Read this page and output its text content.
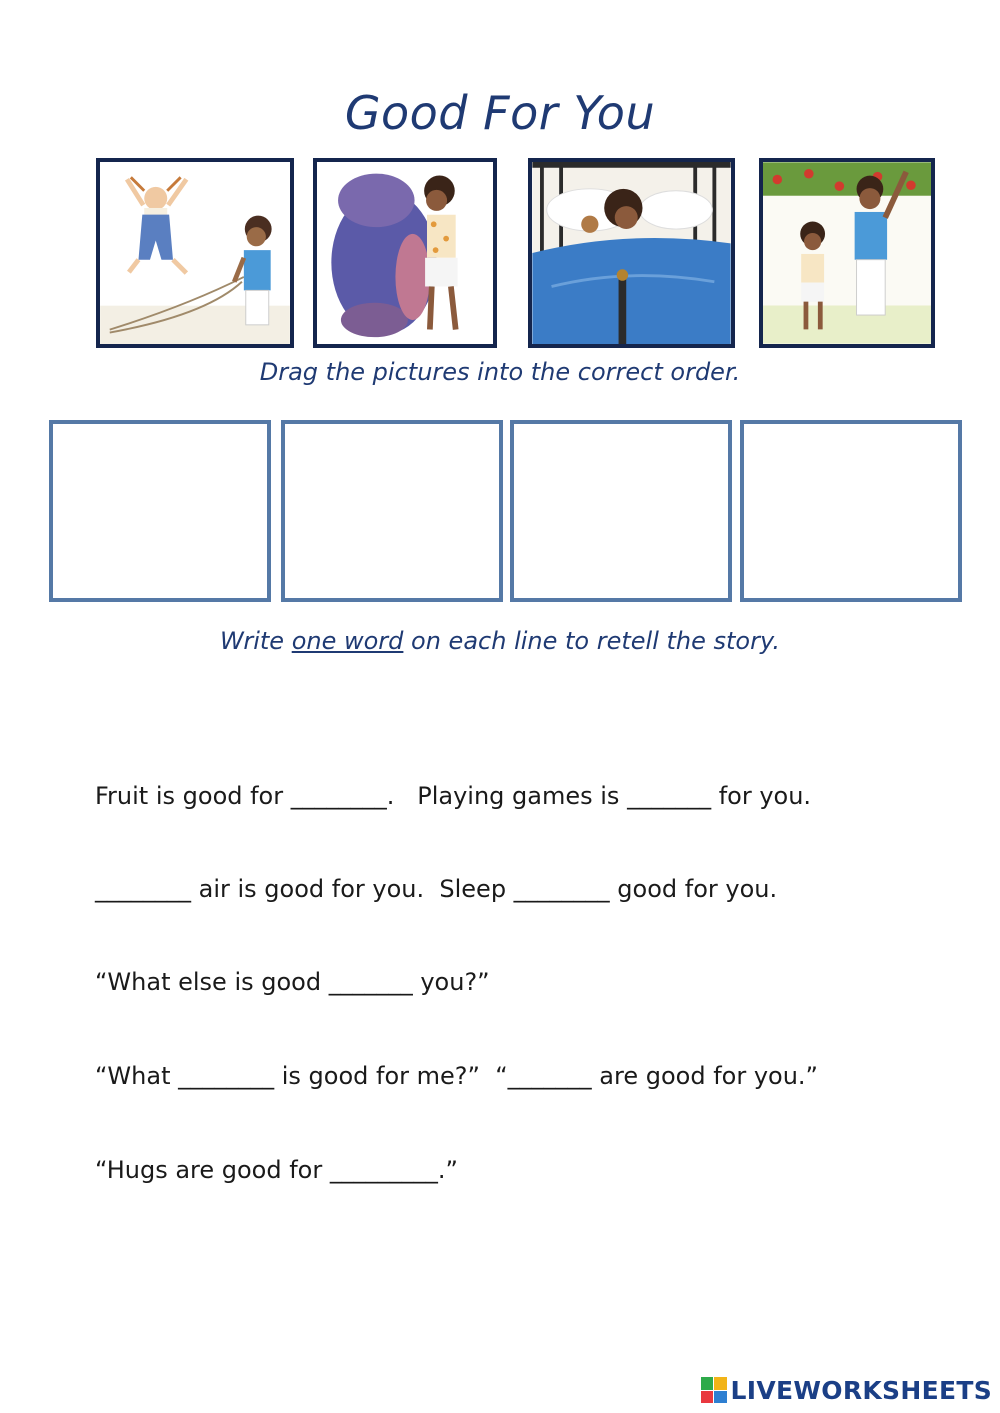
Good For You
Drag the pictures into the correct order.
Write one word on each line to retell the story.
Fruit is good for ________.   Playing games is _______ for you.
________ air is good for you.  Sleep ________ good for you.
“What else is good _______ you?”
“What ________ is good for me?”  “_______ are good for you.”
“Hugs are good for _________.”
LIVEWORKSHEETS
